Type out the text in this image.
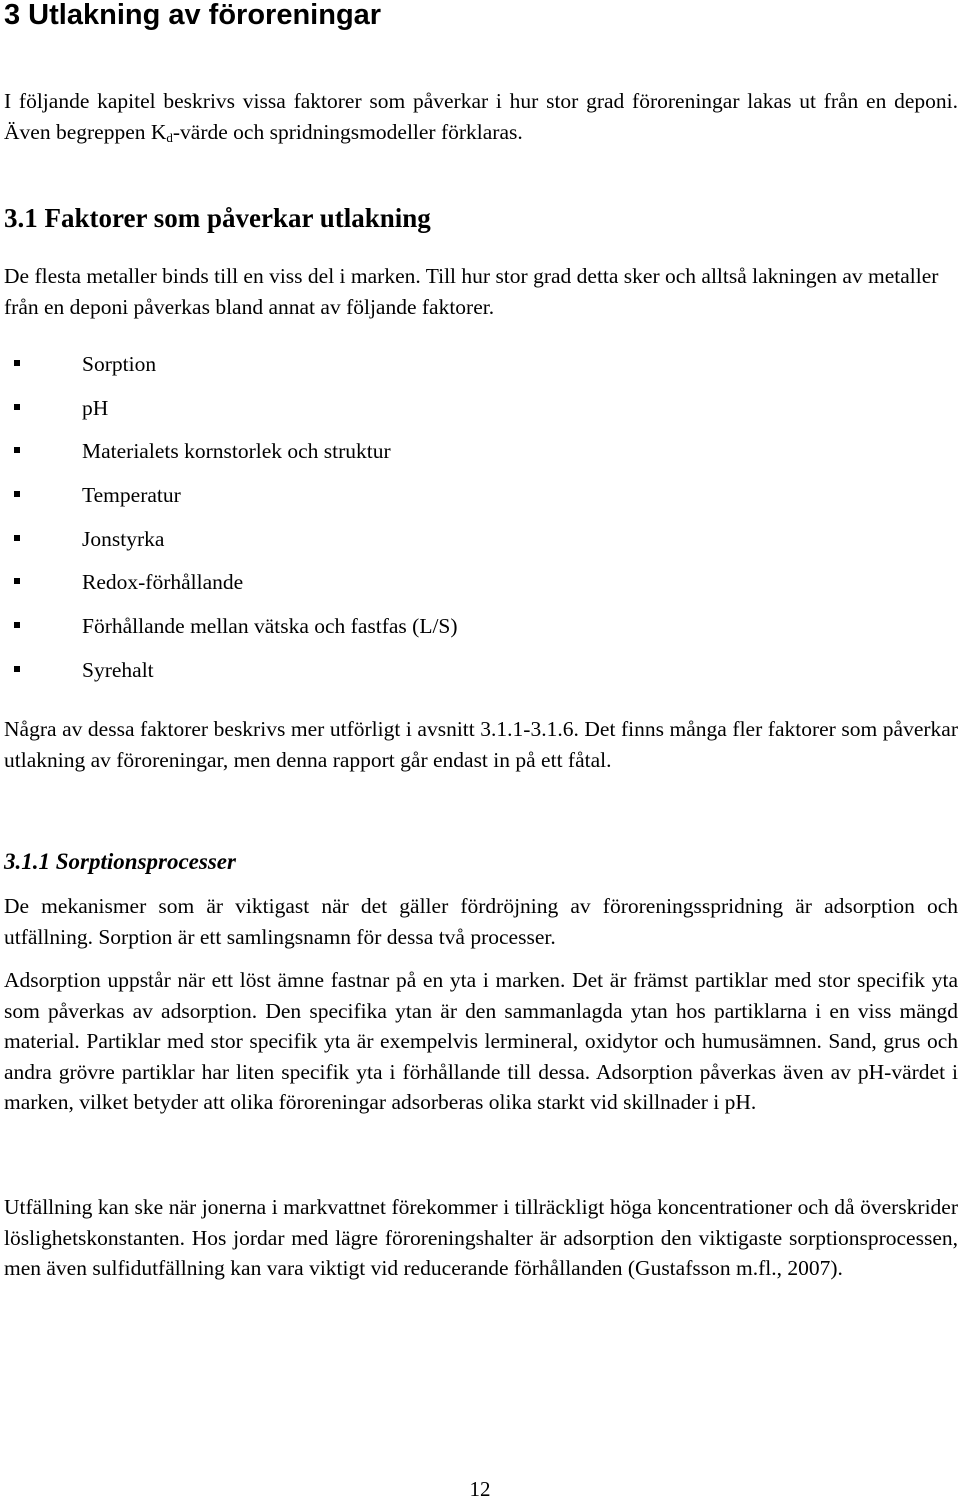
3 Utlakning av föroreningar

I följande kapitel beskrivs vissa faktorer som påverkar i hur stor grad föroreningar lakas ut från en deponi. Även begreppen $K_d$-värde och spridningsmodeller förklaras.

3.1 Faktorer som påverkar utlakning

De flesta metaller binds till en viss del i marken. Till hur stor grad detta sker och alltså lakningen av metaller från en deponi påverkas bland annat av följande faktorer.

Sorption
pH
Materialets kornstorlek och struktur
Temperatur
Jonstyrka
Redox-förhållande
Förhållande mellan vätska och fastfas (L/S)
Syrehalt

Några av dessa faktorer beskrivs mer utförligt i avsnitt 3.1.1-3.1.6. Det finns många fler faktorer som påverkar utlakning av föroreningar, men denna rapport går endast in på ett fåtal.

3.1.1 Sorptionsprocesser

De mekanismer som är viktigast när det gäller fördröjning av föroreningsspridning är adsorption och utfällning. Sorption är ett samlingsnamn för dessa två processer.

Adsorption uppstår när ett löst ämne fastnar på en yta i marken. Det är främst partiklar med stor specifik yta som påverkas av adsorption. Den specifika ytan är den sammanlagda ytan hos partiklarna i en viss mängd material. Partiklar med stor specifik yta är exempelvis lermineral, oxidytor och humusämnen. Sand, grus och andra grövre partiklar har liten specifik yta i förhållande till dessa. Adsorption påverkas även av pH-värdet i marken, vilket betyder att olika föroreningar adsorberas olika starkt vid skillnader i pH.

Utfällning kan ske när jonerna i markvattnet förekommer i tillräckligt höga koncentrationer och då överskrider löslighetskonstanten. Hos jordar med lägre föroreningshalter är adsorption den viktigaste sorptionsprocessen, men även sulfidutfällning kan vara viktigt vid reducerande förhållanden (Gustafsson m.fl., 2007).

12
